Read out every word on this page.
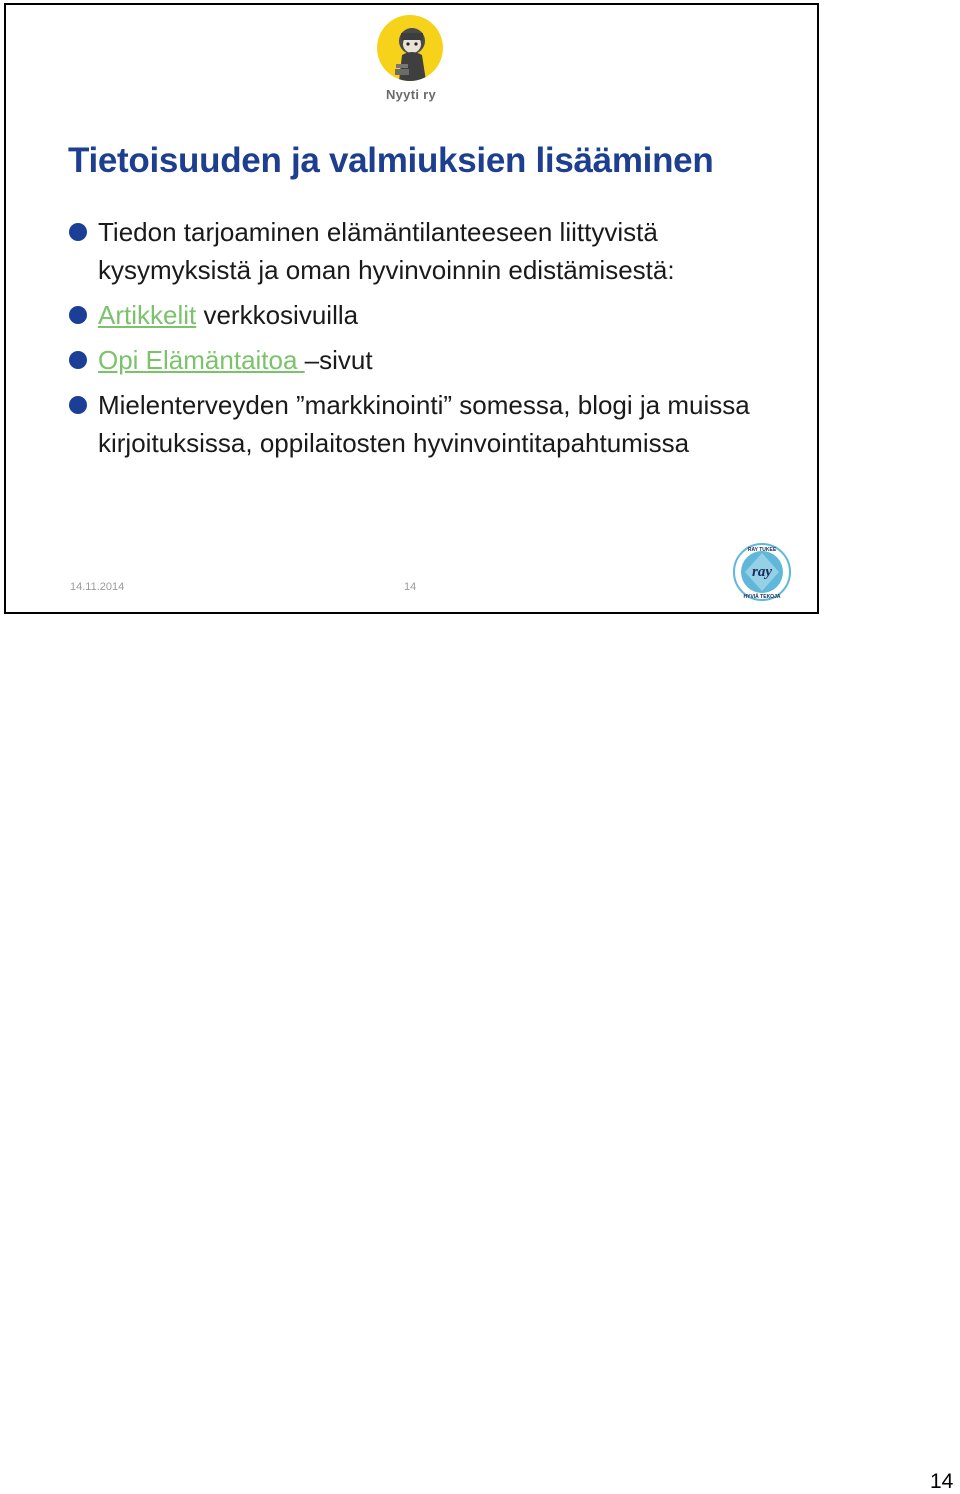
Nyyti ry
Tietoisuuden ja valmiuksien lisääminen
Tiedon tarjoaminen elämäntilanteeseen liittyvistä kysymyksistä ja oman hyvinvoinnin edistämisestä:
Artikkelit verkkosivuilla
Opi Elämäntaitoa –sivut
Mielenterveyden ”markkinointi” somessa, blogi ja muissa kirjoituksissa, oppilaitosten hyvinvointitapahtumissa
14.11.2014	14
ray
RAY TUKEE
HYVIÄ TEKOJA
14
